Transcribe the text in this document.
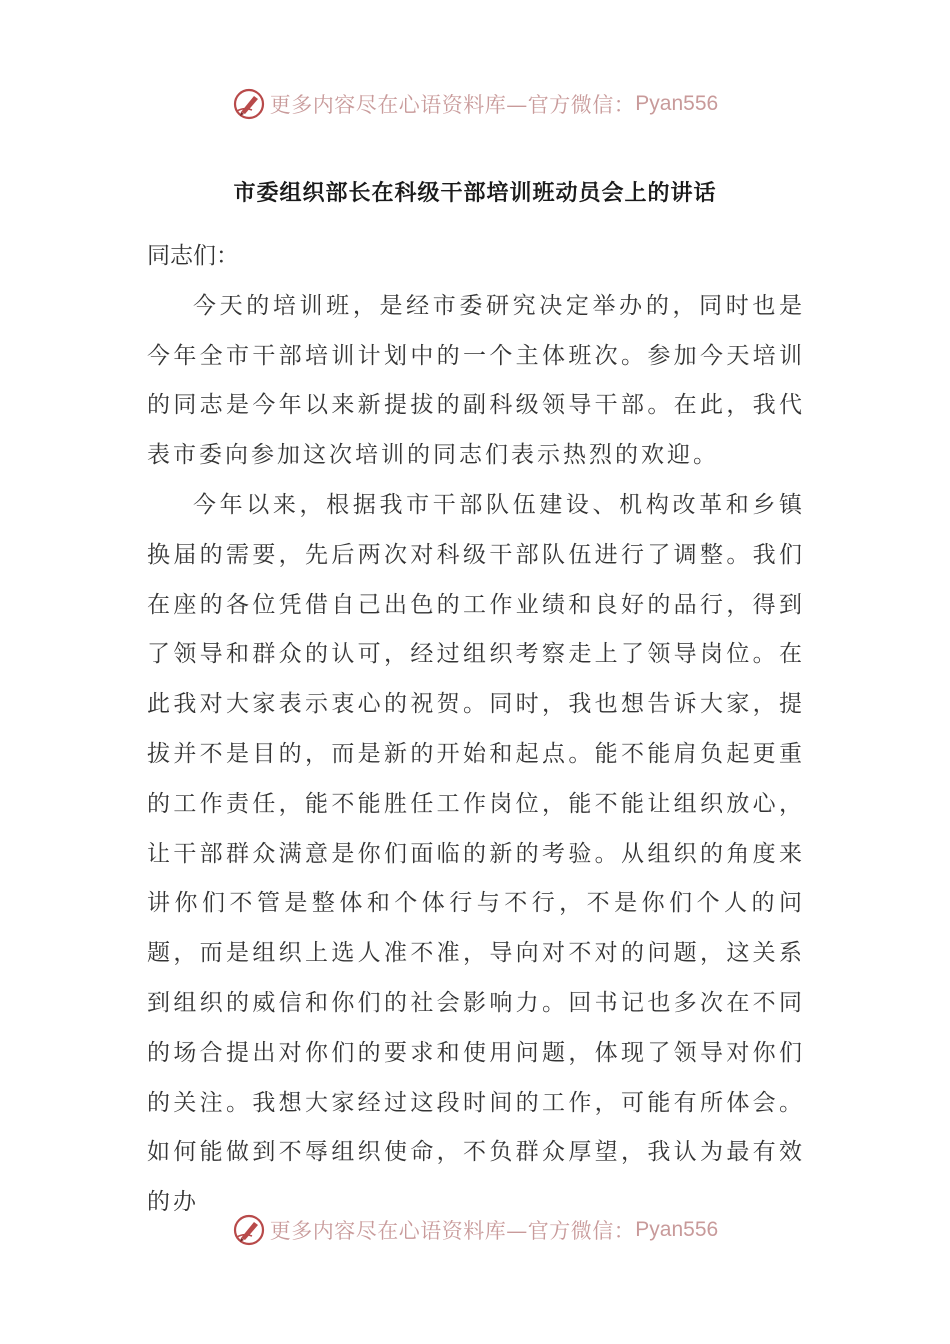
更多内容尽在心语资料库—官方微信： Pyan556
市委组织部长在科级干部培训班动员会上的讲话

同志们：

今天的培训班，是经市委研究决定举办的，同时也是今年全市干部培训计划中的一个主体班次。参加今天培训的同志是今年以来新提拔的副科级领导干部。在此，我代表市委向参加这次培训的同志们表示热烈的欢迎。

今年以来，根据我市干部队伍建设、机构改革和乡镇换届的需要，先后两次对科级干部队伍进行了调整。我们在座的各位凭借自己出色的工作业绩和良好的品行，得到了领导和群众的认可，经过组织考察走上了领导岗位。在此我对大家表示衷心的祝贺。同时，我也想告诉大家，提拔并不是目的，而是新的开始和起点。能不能肩负起更重的工作责任，能不能胜任工作岗位，能不能让组织放心，让干部群众满意是你们面临的新的考验。从组织的角度来讲你们不管是整体和个体行与不行，不是你们个人的问题，而是组织上选人准不准，导向对不对的问题，这关系到组织的威信和你们的社会影响力。回书记也多次在不同的场合提出对你们的要求和使用问题，体现了领导对你们的关注。我想大家经过这段时间的工作，可能有所体会。如何能做到不辱组织使命，不负群众厚望，我认为最有效的办

更多内容尽在心语资料库—官方微信： Pyan556
